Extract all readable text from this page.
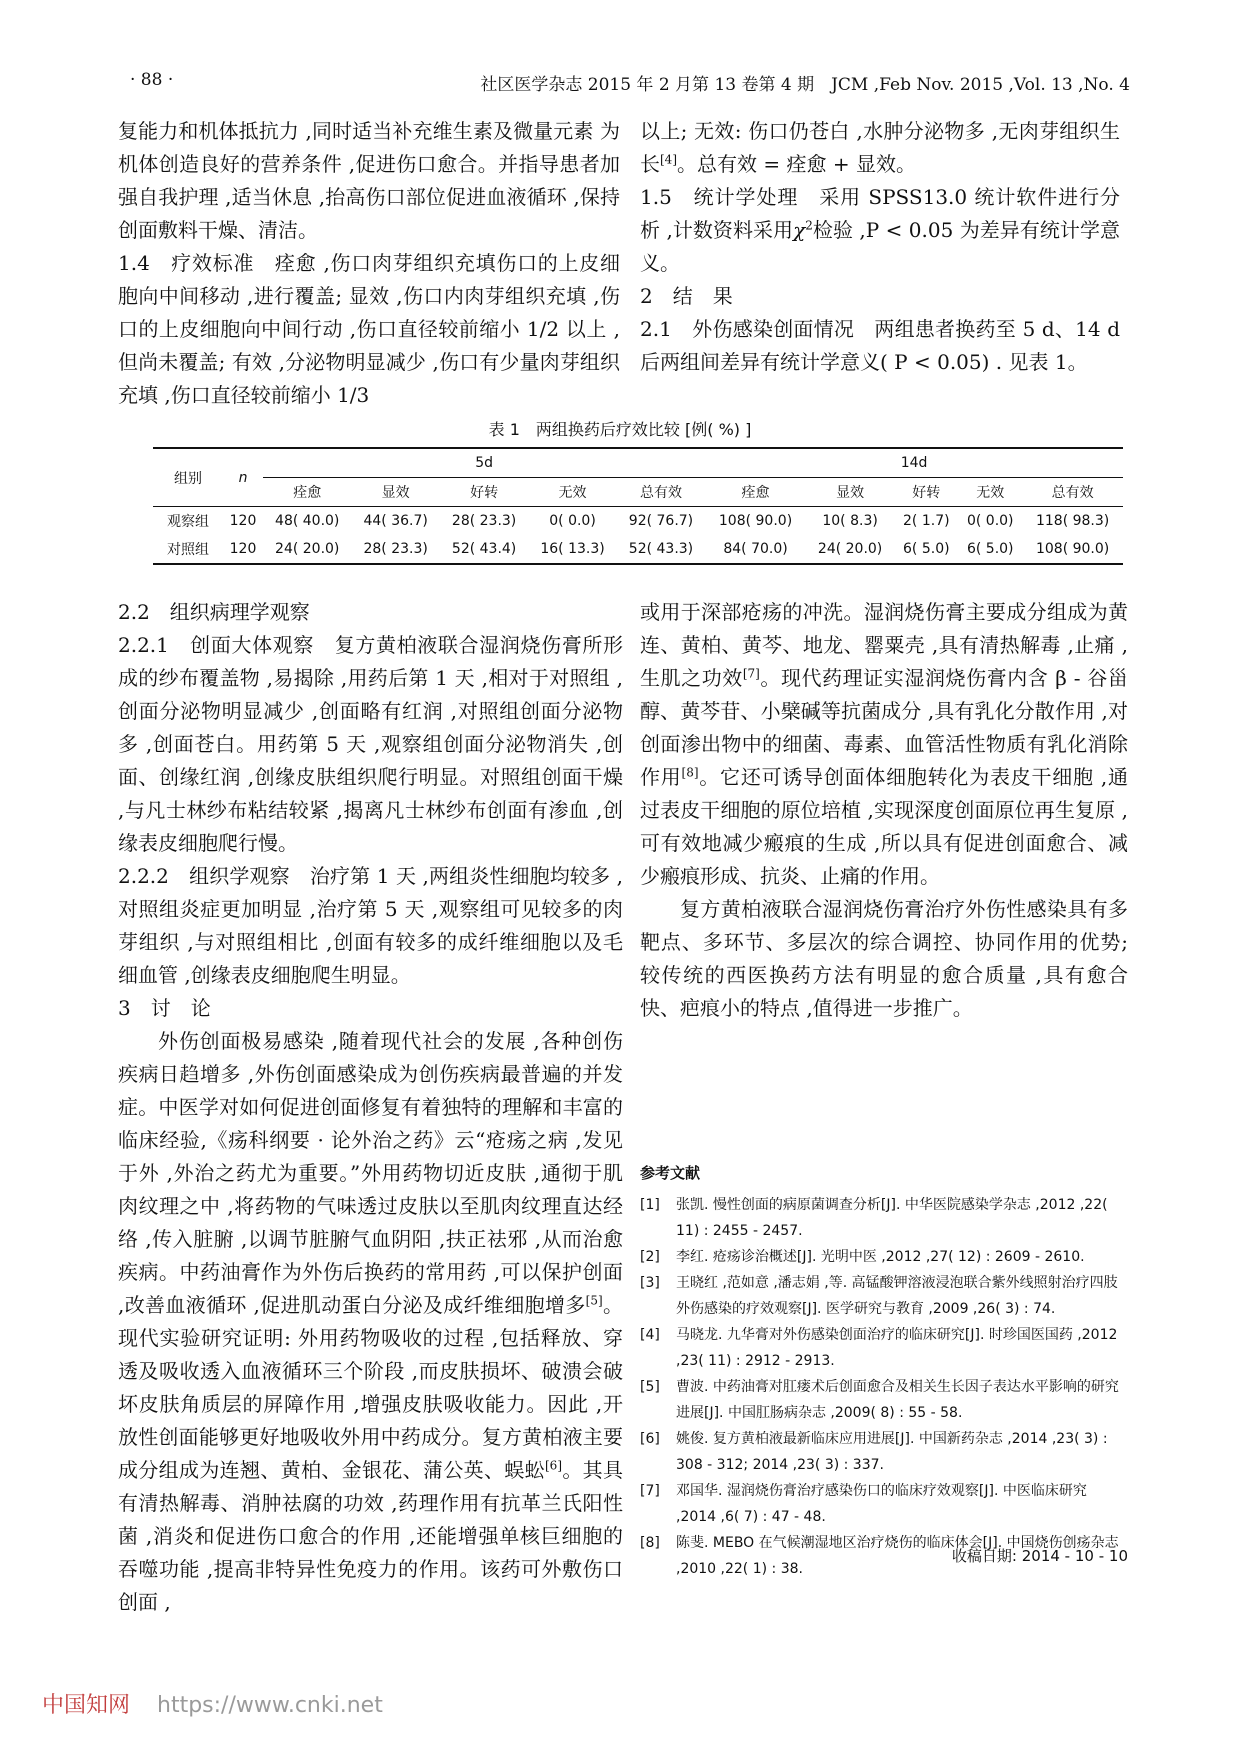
· 88 ·	社区医学杂志 2015 年 2 月第 13 卷第 4 期　JCM ,Feb Nov. 2015 ,Vol. 13 ,No. 4

复能力和机体抵抗力 ,同时适当补充维生素及微量元素 为机体创造良好的营养条件 ,促进伤口愈合。并指导患者加强自我护理 ,适当休息 ,抬高伤口部位促进血液循环 ,保持创面敷料干燥、清洁。

1.4　疗效标准　痊愈 ,伤口肉芽组织充填伤口的上皮细胞向中间移动 ,进行覆盖; 显效 ,伤口内肉芽组织充填 ,伤口的上皮细胞向中间行动 ,伤口直径较前缩小 1/2 以上 ,但尚未覆盖; 有效 ,分泌物明显减少 ,伤口有少量肉芽组织充填 ,伤口直径较前缩小 1/3

以上; 无效: 伤口仍苍白 ,水肿分泌物多 ,无肉芽组织生长[4]。总有效 = 痊愈 + 显效。

1.5　统计学处理　 采用 SPSS13.0 统计软件进行分析 ,计数资料采用$\chi^2$检验 ,P < 0.05 为差异有统计学意义。

2　结　果

2.1　外伤感染创面情况　 两组患者换药至 5 d、14 d 后两组间差异有统计学意义( P < 0.05) . 见表 1。

表 1　两组换药后疗效比较 [例( %) ]
组别	n	5d					14d				
		痊愈	显效	好转	无效	总有效	痊愈	显效	好转	无效	总有效
观察组	120	48( 40.0)	44( 36.7)	28( 23.3)	0( 0.0)	92( 76.7)	108( 90.0)	10( 8.3)	2( 1.7)	0( 0.0)	118( 98.3)
对照组	120	24( 20.0)	28( 23.3)	52( 43.4)	16( 13.3)	52( 43.3)	84( 70.0)	24( 20.0)	6( 5.0)	6( 5.0)	108( 90.0)

2.2　组织病理学观察

2.2.1　创面大体观察　 复方黄柏液联合湿润烧伤膏所形成的纱布覆盖物 ,易揭除 ,用药后第 1 天 ,相对于对照组 ,创面分泌物明显减少 ,创面略有红润 ,对照组创面分泌物多 ,创面苍白。用药第 5 天 ,观察组创面分泌物消失 ,创面、创缘红润 ,创缘皮肤组织爬行明显。对照组创面干燥 ,与凡士林纱布粘结较紧 ,揭离凡士林纱布创面有渗血 ,创缘表皮细胞爬行慢。

2.2.2　组织学观察　 治疗第 1 天 ,两组炎性细胞均较多 ,对照组炎症更加明显 ,治疗第 5 天 ,观察组可见较多的肉芽组织 ,与对照组相比 ,创面有较多的成纤维细胞以及毛细血管 ,创缘表皮细胞爬生明显。

3　讨　论

外伤创面极易感染 ,随着现代社会的发展 ,各种创伤疾病日趋增多 ,外伤创面感染成为创伤疾病最普遍的并发症。中医学对如何促进创面修复有着独特的理解和丰富的临床经验,《疡科纲要 · 论外治之药》云“疮疡之病 ,发见于外 ,外治之药尤为重要。”外用药物切近皮肤 ,通彻于肌肉纹理之中 ,将药物的气味透过皮肤以至肌肉纹理直达经络 ,传入脏腑 ,以调节脏腑气血阴阳 ,扶正祛邪 ,从而治愈疾病。中药油膏作为外伤后换药的常用药 ,可以保护创面 ,改善血液循环 ,促进肌动蛋白分泌及成纤维细胞增多[5]。现代实验研究证明: 外用药物吸收的过程 ,包括释放、穿透及吸收透入血液循环三个阶段 ,而皮肤损坏、破溃会破坏皮肤角质层的屏障作用 ,增强皮肤吸收能力。因此 ,开放性创面能够更好地吸收外用中药成分。复方黄柏液主要成分组成为连翘、黄柏、金银花、蒲公英、蜈蚣[6]。其具有清热解毒、消肿祛腐的功效 ,药理作用有抗革兰氏阳性菌 ,消炎和促进伤口愈合的作用 ,还能增强单核巨细胞的吞噬功能 ,提高非特异性免疫力的作用。该药可外敷伤口创面 ,

或用于深部疮疡的冲洗。湿润烧伤膏主要成分组成为黄连、黄柏、黄芩、地龙、罂粟壳 ,具有清热解毒 ,止痛 ,生肌之功效[7]。现代药理证实湿润烧伤膏内含 β - 谷甾醇、黄芩苷、小檗碱等抗菌成分 ,具有乳化分散作用 ,对创面渗出物中的细菌、毒素、血管活性物质有乳化消除作用[8]。它还可诱导创面体细胞转化为表皮干细胞 ,通过表皮干细胞的原位培植 ,实现深度创面原位再生复原 ,可有效地减少瘢痕的生成 ,所以具有促进创面愈合、减少瘢痕形成、抗炎、止痛的作用。

复方黄柏液联合湿润烧伤膏治疗外伤性感染具有多靶点、多环节、多层次的综合调控、协同作用的优势; 较传统的西医换药方法有明显的愈合质量 ,具有愈合快、疤痕小的特点 ,值得进一步推广。

参考文献
[1]	张凯. 慢性创面的病原菌调查分析[J]. 中华医院感染学杂志 ,2012 ,22( 11) : 2455 - 2457.
[2]	李红. 疮疡诊治概述[J]. 光明中医 ,2012 ,27( 12) : 2609 - 2610.
[3]	王晓红 ,范如意 ,潘志娟 ,等. 高锰酸钾溶液浸泡联合紫外线照射治疗四肢外伤感染的疗效观察[J]. 医学研究与教育 ,2009 ,26( 3) : 74.
[4]	马晓龙. 九华膏对外伤感染创面治疗的临床研究[J]. 时珍国医国药 ,2012 ,23( 11) : 2912 - 2913.
[5]	曹波. 中药油膏对肛瘘术后创面愈合及相关生长因子表达水平影响的研究进展[J]. 中国肛肠病杂志 ,2009( 8) : 55 - 58.
[6]	姚俊. 复方黄柏液最新临床应用进展[J]. 中国新药杂志 ,2014 ,23( 3) : 308 - 312; 2014 ,23( 3) : 337.
[7]	邓国华. 湿润烧伤膏治疗感染伤口的临床疗效观察[J]. 中医临床研究 ,2014 ,6( 7) : 47 - 48.
[8]	陈斐. MEBO 在气候潮湿地区治疗烧伤的临床体会[J]. 中国烧伤创疡杂志 ,2010 ,22( 1) : 38.
收稿日期: 2014 - 10 - 10
中国知网 https://www.cnki.net
